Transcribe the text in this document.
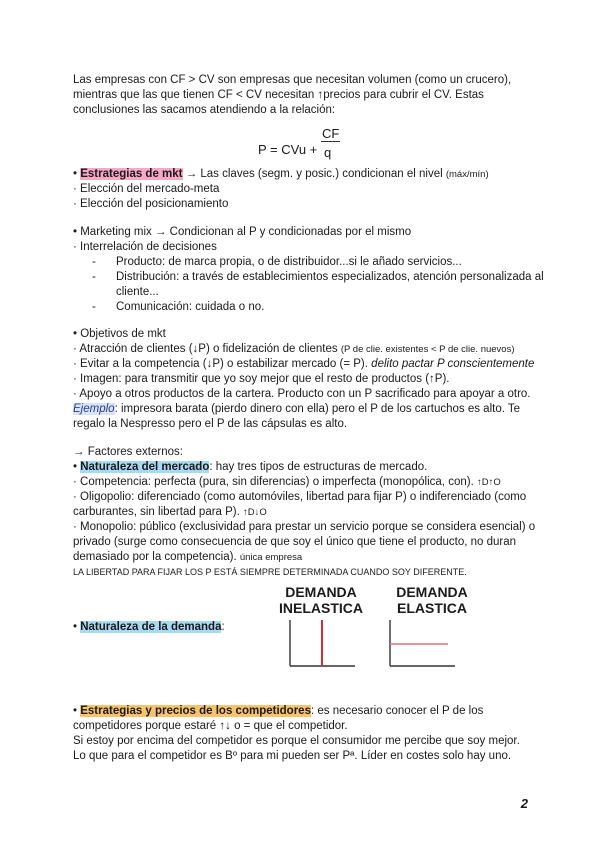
Las empresas con CF > CV son empresas que necesitan volumen (como un crucero),
mientras que las que tienen CF < CV necesitan ↑precios para cubrir el CV. Estas
conclusiones las sacamos atendiendo a la relación:
P = CVu +
CF
q
• Estrategias de mkt → Las claves (segm. y posic.) condicionan el nivel (máx/mín)
· Elección del mercado-meta
· Elección del posicionamiento
• Marketing mix → Condicionan al P y condicionadas por el mismo
· Interrelación de decisiones
- Producto: de marca propia, o de distribuidor...si le añado servicios...
- Distribución: a través de establecimientos especializados, atención personalizada al
cliente...
- Comunicación: cuidada o no.
• Objetivos de mkt
· Atracción de clientes (↓P) o fidelización de clientes (P de clie. existentes < P de clie. nuevos)
· Evitar a la competencia (↓P) o estabilizar mercado (= P). delito pactar P conscientemente
· Imagen: para transmitir que yo soy mejor que el resto de productos (↑P).
· Apoyo a otros productos de la cartera. Producto con un P sacrificado para apoyar a otro.
Ejemplo: impresora barata (pierdo dinero con ella) pero el P de los cartuchos es alto. Te
regalo la Nespresso pero el P de las cápsulas es alto.
→ Factores externos:
• Naturaleza del mercado: hay tres tipos de estructuras de mercado.
· Competencia: perfecta (pura, sin diferencias) o imperfecta (monopólica, con). ↑D↑O
· Oligopolio: diferenciado (como automóviles, libertad para fijar P) o indiferenciado (como
carburantes, sin libertad para P). ↑D↓O
· Monopolio: público (exclusividad para prestar un servicio porque se considera esencial) o
privado (surge como consecuencia de que soy el único que tiene el producto, no duran
demasiado por la competencia). única empresa
LA LIBERTAD PARA FIJAR LOS P ESTÁ SIEMPRE DETERMINADA CUANDO SOY DIFERENTE.
• Naturaleza de la demanda:
DEMANDA
INELASTICA
DEMANDA
ELASTICA
• Estrategias y precios de los competidores: es necesario conocer el P de los
competidores porque estaré ↑↓ o = que el competidor.
Si estoy por encima del competidor es porque el consumidor me percibe que soy mejor.
Lo que para el competidor es Bº para mi pueden ser Pª. Líder en costes solo hay uno.
2
